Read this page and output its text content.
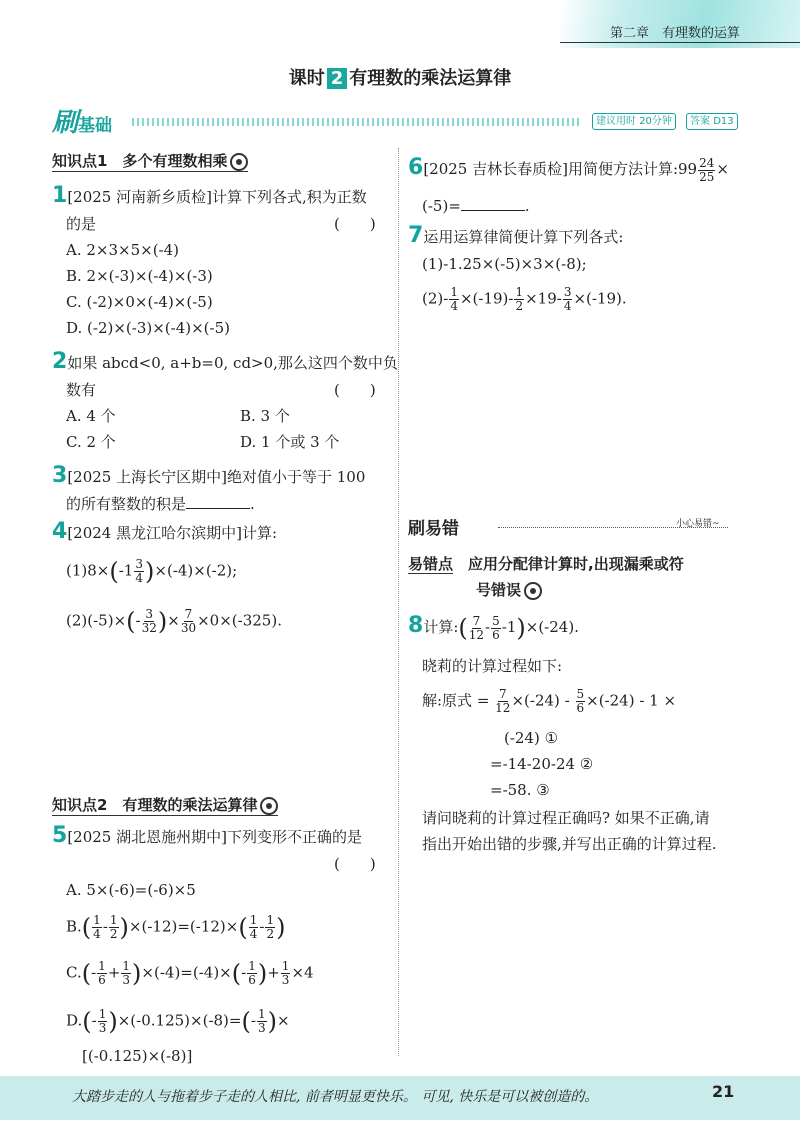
第二章　有理数的运算
课时 2 有理数的乘法运算律
刷基础	建议用时 20分钟	答案 D13
知识点1　多个有理数相乘
1[2025 河南新乡质检]计算下列各式,积为正数
的是	(　　)
A. 2×3×5×(-4)
B. 2×(-3)×(-4)×(-3)
C. (-2)×0×(-4)×(-5)
D. (-2)×(-3)×(-4)×(-5)
2如果 abcd<0, a+b=0, cd>0,那么这四个数中负
数有	(　　)
A. 4 个	B. 3 个
C. 2 个	D. 1 个或 3 个
3[2025 上海长宁区期中]绝对值小于等于 100
的所有整数的积是	.
4[2024 黑龙江哈尔滨期中]计算:
$(1)8\times(-1 \frac{3}{4} )\times(-4)\times(-2)$;
$(2)(-5)\times(- \frac{3}{32}$ )× $\frac{7}{30} \times 0\times(-325)$.
知识点2　有理数的乘法运算律
5[2025 湖北恩施州期中]下列变形不正确的是
(　　)
A. 5×(-6)=(-6)×5
$B.( \frac{1}{4} - \frac{1}{2} )\times(-12)=(-12)\times( \frac{1}{4} - \frac{1}{2}$ )
$C.(- \frac{1}{6} + \frac{1}{3} )\times(-4)=(-4)\times(- \frac{1}{6}$ )+ $\frac{1}{3} \times 4$
$D.(- \frac{1}{3} )\times(-0.125)\times(-8)=(- \frac{1}{3}$ )×
[(-0.125)×(-8)]
6[2025 吉林长春质检]用简便方法计算:99 $\frac{24}{25}$ ×
(-5)=	.
7运用运算律简便计算下列各式:
(1)-1.25×(-5)×3×(-8);
$(2)- \frac{1}{4} \times(-19)- \frac{1}{2} \times 19- \frac{3}{4} \times(-19)$.
刷易错	小心易错~
易错点　 应用分配律计算时,出现漏乘或符
号错误
8计算:( $\frac{7}{12} - \frac{5}{6} -1)\times(-24)$.
晓莉的计算过程如下:
解:原式 = $\frac{7}{12} \times(-24) - \frac{5}{6} \times(-24) - 1$ ×
(-24) ①
=-14-20-24 ②
=-58. ③
请问晓莉的计算过程正确吗? 如果不正确,请
指出开始出错的步骤,并写出正确的计算过程.
大踏步走的人与拖着步子走的人相比, 前者明显更快乐。 可见, 快乐是可以被创造的。	21
